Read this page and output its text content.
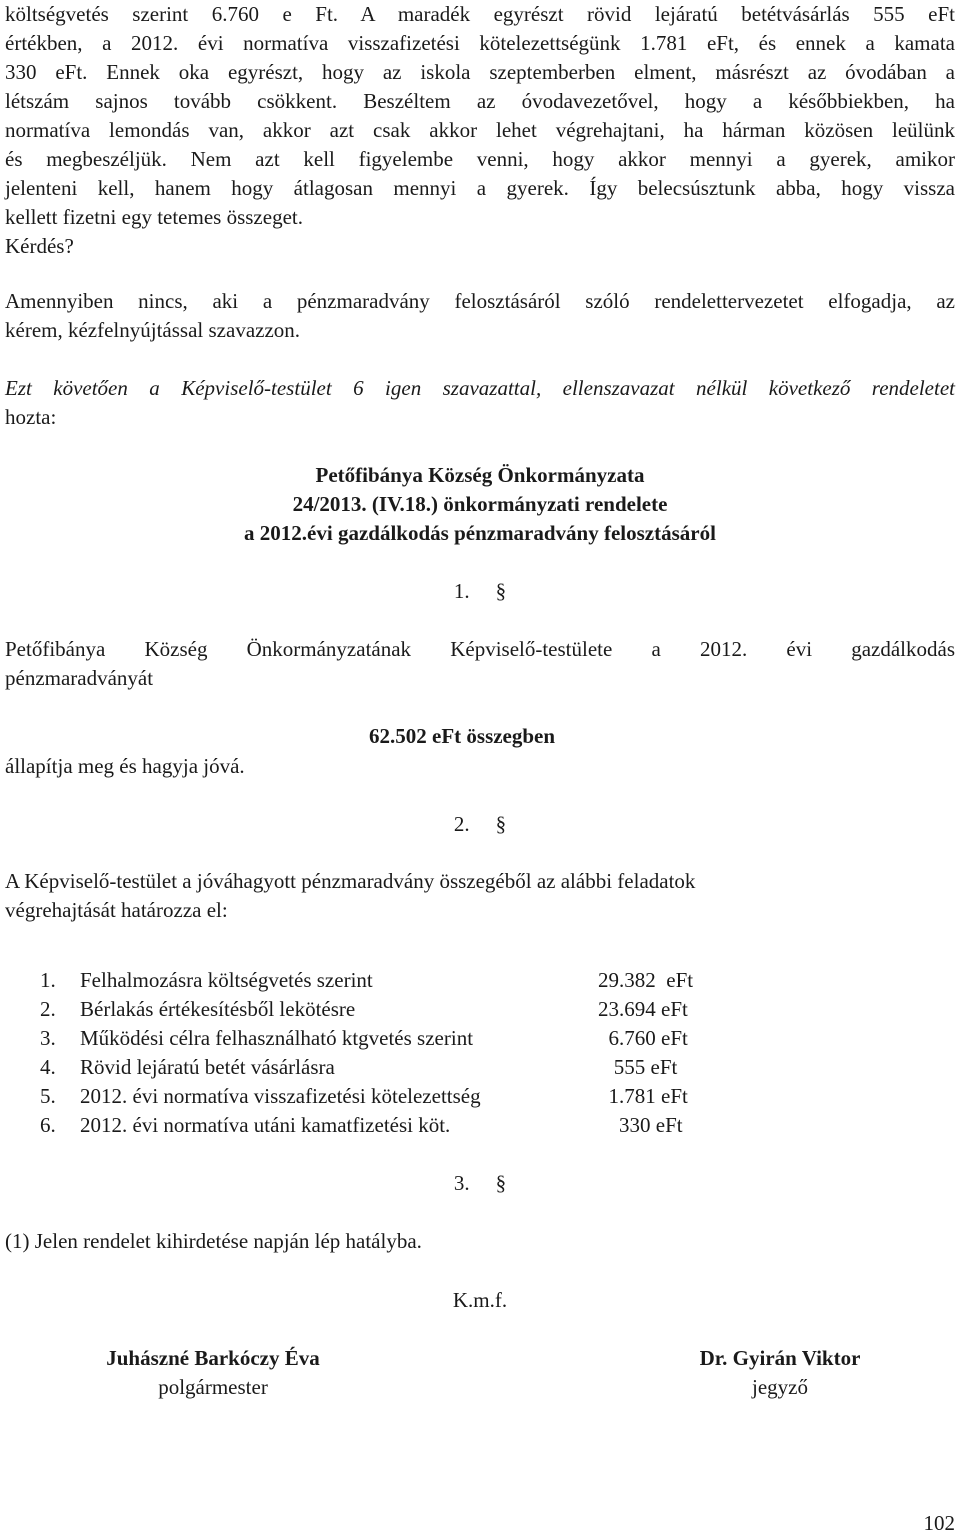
költségvetés szerint 6.760 e Ft. A maradék egyrészt rövid lejáratú betétvásárlás 555 eFt
értékben, a 2012. évi normatíva visszafizetési kötelezettségünk 1.781 eFt, és ennek a kamata
330 eFt. Ennek oka egyrészt, hogy az iskola szeptemberben elment, másrészt az óvodában a
létszám sajnos tovább csökkent. Beszéltem az óvodavezetővel, hogy a későbbiekben, ha
normatíva lemondás van, akkor azt csak akkor lehet végrehajtani, ha hárman közösen leülünk
és megbeszéljük. Nem azt kell figyelembe venni, hogy akkor mennyi a gyerek, amikor
jelenteni kell, hanem hogy átlagosan mennyi a gyerek. Így belecsúsztunk abba, hogy vissza
kellett fizetni egy tetemes összeget.
Kérdés?
Amennyiben nincs, aki a pénzmaradvány felosztásáról szóló rendelettervezetet elfogadja, az
kérem, kézfelnyújtással szavazzon.
Ezt követően a Képviselő-testület 6 igen szavazattal, ellenszavazat nélkül következő rendeletet
hozta:
Petőfibánya Község Önkormányzata
24/2013. (IV.18.) önkormányzati rendelete
a 2012.évi gazdálkodás pénzmaradvány felosztásáról
1. §
Petőfibánya Község Önkormányzatának Képviselő-testülete a 2012. évi gazdálkodás
pénzmaradványát
62.502 eFt összegben
állapítja meg és hagyja jóvá.
2. §
A Képviselő-testület a jóváhagyott pénzmaradvány összegéből az alábbi feladatok
végrehajtását határozza el:
1. Felhalmozásra költségvetés szerint	29.382  eFt
2. Bérlakás értékesítésből lekötésre	23.694 eFt
3. Működési célra felhasználható ktgvetés szerint	6.760 eFt
4. Rövid lejáratú betét vásárlásra	555 eFt
5. 2012. évi normatíva visszafizetési kötelezettség	1.781 eFt
6. 2012. évi normatíva utáni kamatfizetési köt.	330 eFt
3. §
(1) Jelen rendelet kihirdetése napján lép hatályba.
K.m.f.
Juhászné Barkóczy Éva
polgármester
Dr. Gyirán Viktor
jegyző
102
